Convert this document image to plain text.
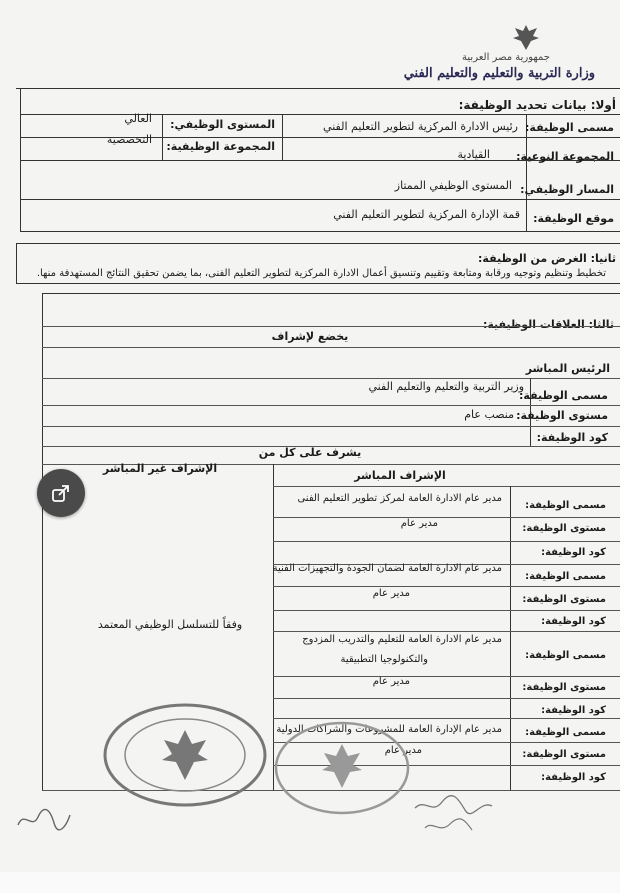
جمهورية مصر العربية
وزارة التربية والتعليم والتعليم الفني
أولا: بيانات تحديد الوظيفة:
مسمى الوظيفة:
رئيس الادارة المركزية لتطوير التعليم الفني
المستوى الوظيفي:
العالي
المجموعة النوعية:
القيادية
المجموعة الوظيفية:
التخصصية
المسار الوظيفي:
المستوى الوظيفي الممتاز
موقع الوظيفة:
قمة الإدارة المركزية لتطوير التعليم الفني
ثانيا: الغرض من الوظيفة:
تخطيط وتنظيم وتوجيه ورقابة ومتابعة وتقييم وتنسيق أعمال الادارة المركزية لتطوير التعليم الفنى، بما يضمن تحقيق النتائج المستهدفة منها.
ثالثا: العلاقات الوظيفية:
يخضع لإشراف
الرئيس المباشر
مسمى الوظيفة:
وزير التربية والتعليم والتعليم الفني
مستوى الوظيفة:
منصب عام
كود الوظيفة:
يشرف على كل من
الإشراف المباشر
الإشراف غير المباشر
وفقاً للتسلسل الوظيفي المعتمد
مسمى الوظيفة:
مدير عام الادارة العامة لمركز تطوير التعليم الفنى
مستوى الوظيفة:
مدير عام
كود الوظيفة:
مسمى الوظيفة:
مدير عام الادارة العامة لضمان الجودة والتجهيزات الفنية
مستوى الوظيفة:
مدير عام
كود الوظيفة:
مدير عام الادارة العامة للتعليم والتدريب المزدوج
مسمى الوظيفة:
والتكنولوجيا التطبيقية
مستوى الوظيفة:
مدير عام
كود الوظيفة:
مسمى الوظيفة:
مدير عام الإدارة العامة للمشروعات والشراكات الدولية
مستوى الوظيفة:
مدير عام
كود الوظيفة:
